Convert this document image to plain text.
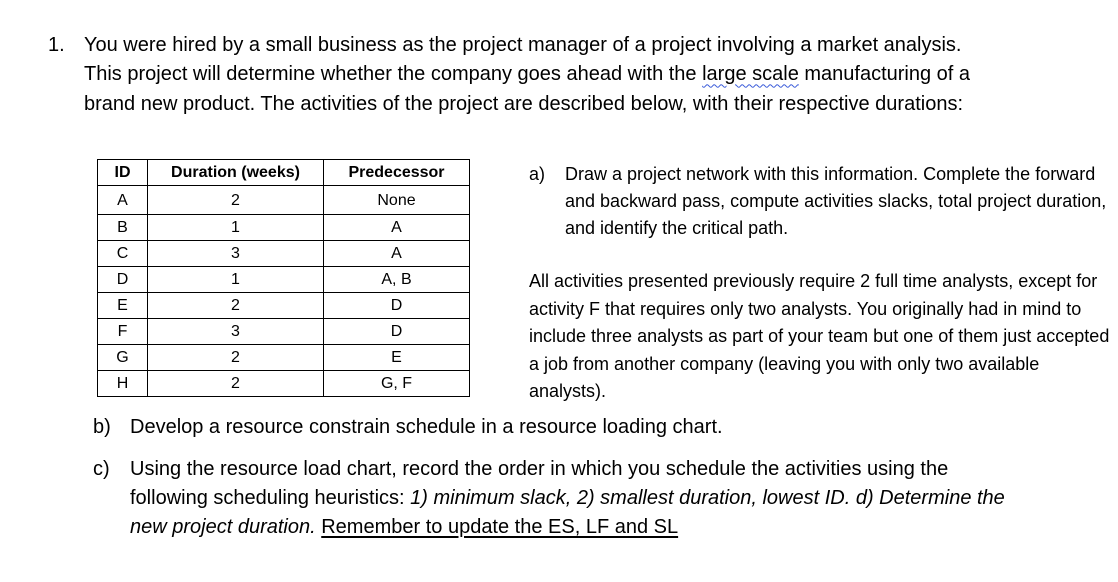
1. You were hired by a small business as the project manager of a project involving a market analysis. This project will determine whether the company goes ahead with the large scale manufacturing of a brand new product. The activities of the project are described below, with their respective durations:
ID	Duration (weeks)	Predecessor
A	2	None
B	1	A
C	3	A
D	1	A, B
E	2	D
F	3	D
G	2	E
H	2	G, F
a) Draw a project network with this information. Complete the forward and backward pass, compute activities slacks, total project duration, and identify the critical path.
All activities presented previously require 2 full time analysts, except for activity F that requires only two analysts. You originally had in mind to include three analysts as part of your team but one of them just accepted a job from another company (leaving you with only two available analysts).
b) Develop a resource constrain schedule in a resource loading chart.
c) Using the resource load chart, record the order in which you schedule the activities using the following scheduling heuristics: 1) minimum slack, 2) smallest duration, lowest ID. d) Determine the new project duration. Remember to update the ES, LF and SL
